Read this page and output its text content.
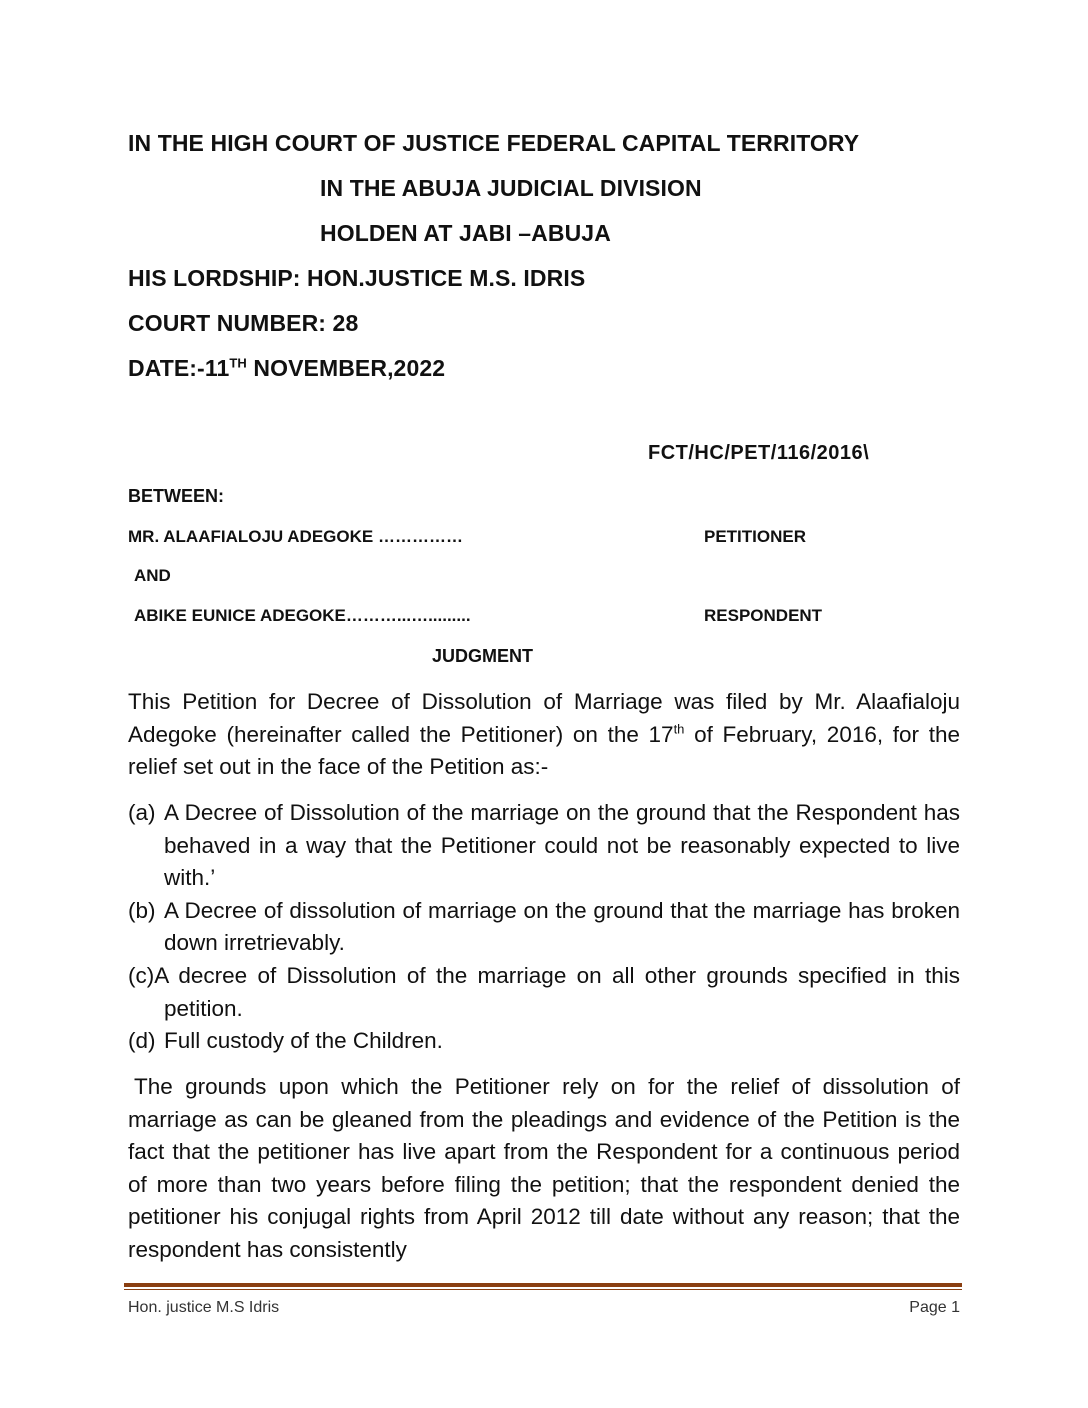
IN THE HIGH COURT OF JUSTICE FEDERAL CAPITAL TERRITORY
IN THE ABUJA JUDICIAL DIVISION
HOLDEN AT JABI –ABUJA
HIS LORDSHIP: HON.JUSTICE M.S. IDRIS
COURT NUMBER: 28
DATE:-11TH NOVEMBER,2022
FCT/HC/PET/116/2016\
BETWEEN:
MR. ALAAFIALOJU ADEGOKE ……………	PETITIONER
AND
ABIKE EUNICE ADEGOKE………...….........	RESPONDENT
JUDGMENT
This Petition for Decree of Dissolution of Marriage was filed by Mr. Alaafialoju Adegoke (hereinafter called the Petitioner) on the 17th of February, 2016, for the relief set out in the face of the Petition as:-
(a) A Decree of Dissolution of the marriage on the ground that the Respondent has behaved in a way that the Petitioner could not be reasonably expected to live with.’
(b) A Decree of dissolution of marriage on the ground that the marriage has broken down irretrievably.
(c)A decree of Dissolution of the marriage on all other grounds specified in this petition.
(d) Full custody of the Children.
The grounds upon which the Petitioner rely on for the relief of dissolution of marriage as can be gleaned from the pleadings and evidence of the Petition is the fact that the petitioner has live apart from the Respondent for a continuous period of more than two years before filing the petition; that the respondent denied the petitioner his conjugal rights from April 2012 till date without any reason; that the respondent has consistently
Hon. justice M.S Idris	Page 1
